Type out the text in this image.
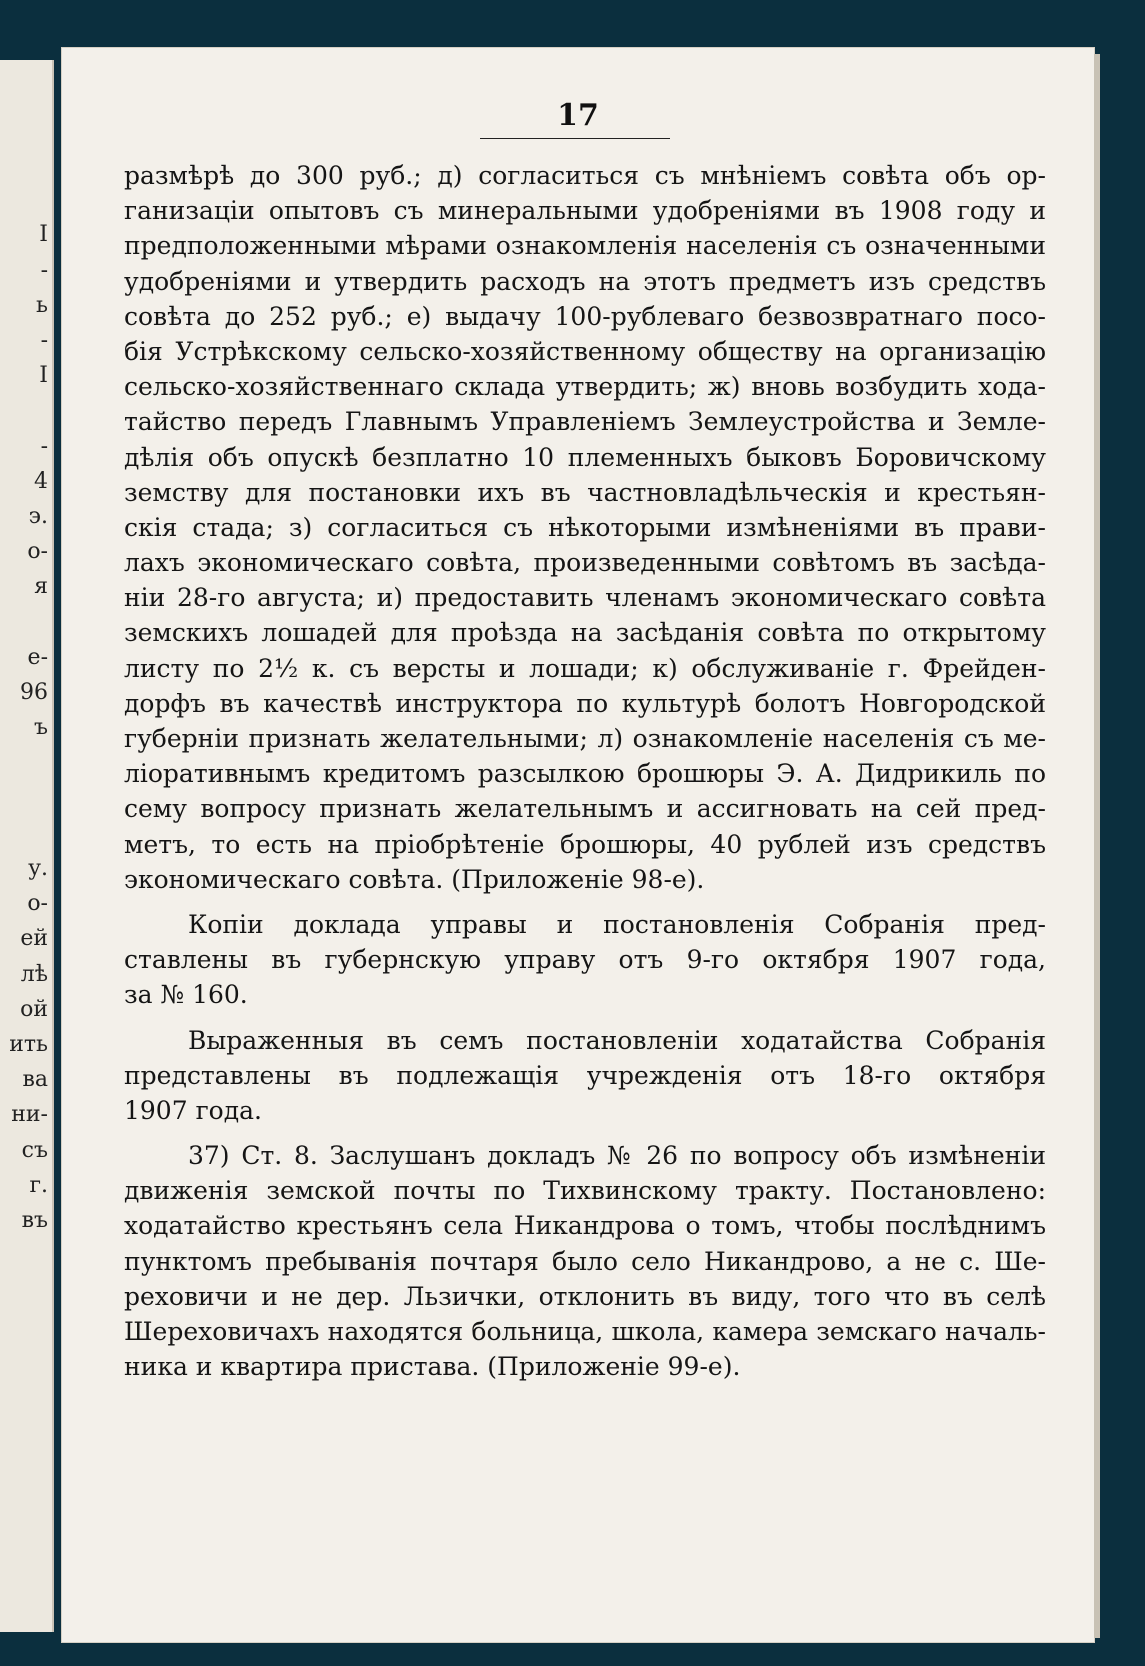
I
-
ь
-
I
-
4
э.
о-
я
е-
96
ъ
у.
о-
ей
лѣ
ой
ить
ва
ни-
съ
г.
въ
17
размѣрѣ до 300 руб.; д) согласиться съ мнѣніемъ совѣта объ ор-
ганизаціи опытовъ съ минеральными удобреніями въ 1908 году и
предположенными мѣрами ознакомленія населенія съ означенными
удобреніями и утвердить расходъ на этотъ предметъ изъ средствъ
совѣта до 252 руб.; е) выдачу 100-рублеваго безвозвратнаго посо-
бія Устрѣкскому сельско-хозяйственному обществу на организацію
сельско-хозяйственнаго склада утвердить; ж) вновь возбудить хода-
тайство передъ Главнымъ Управленіемъ Землеустройства и Земле-
дѣлія объ опускѣ безплатно 10 племенныхъ быковъ Боровичскому
земству для постановки ихъ въ частновладѣльческія и крестьян-
скія стада; з) согласиться съ нѣкоторыми измѣненіями въ прави-
лахъ экономическаго совѣта, произведенными совѣтомъ въ засѣда-
ніи 28-го августа; и) предоставить членамъ экономическаго совѣта
земскихъ лошадей для проѣзда на засѣданія совѣта по открытому
листу по 2½ к. съ версты и лошади; к) обслуживаніе г. Фрейден-
дорфъ въ качествѣ инструктора по культурѣ болотъ Новгородской
губерніи признать желательными; л) ознакомленіе населенія съ ме-
ліоративнымъ кредитомъ разсылкою брошюры Э. А. Дидрикиль по
сему вопросу признать желательнымъ и ассигновать на сей пред-
метъ, то есть на пріобрѣтеніе брошюры, 40 рублей изъ средствъ
экономическаго совѣта. (Приложеніе 98-е).
Копіи доклада управы и постановленія Собранія пред-
ставлены въ губернскую управу отъ 9-го октября 1907 года,
за № 160.
Выраженныя въ семъ постановленіи ходатайства Собранія
представлены въ подлежащія учрежденія отъ 18-го октября
1907 года.
37) Ст. 8. Заслушанъ докладъ № 26 по вопросу объ измѣненіи
движенія земской почты по Тихвинскому тракту. Постановлено:
ходатайство крестьянъ села Никандрова о томъ, чтобы послѣднимъ
пунктомъ пребыванія почтаря было село Никандрово, а не с. Ше-
реховичи и не дер. Льзички, отклонить въ виду, того что въ селѣ
Шереховичахъ находятся больница, школа, камера земскаго началь-
ника и квартира пристава. (Приложеніе 99-е).
